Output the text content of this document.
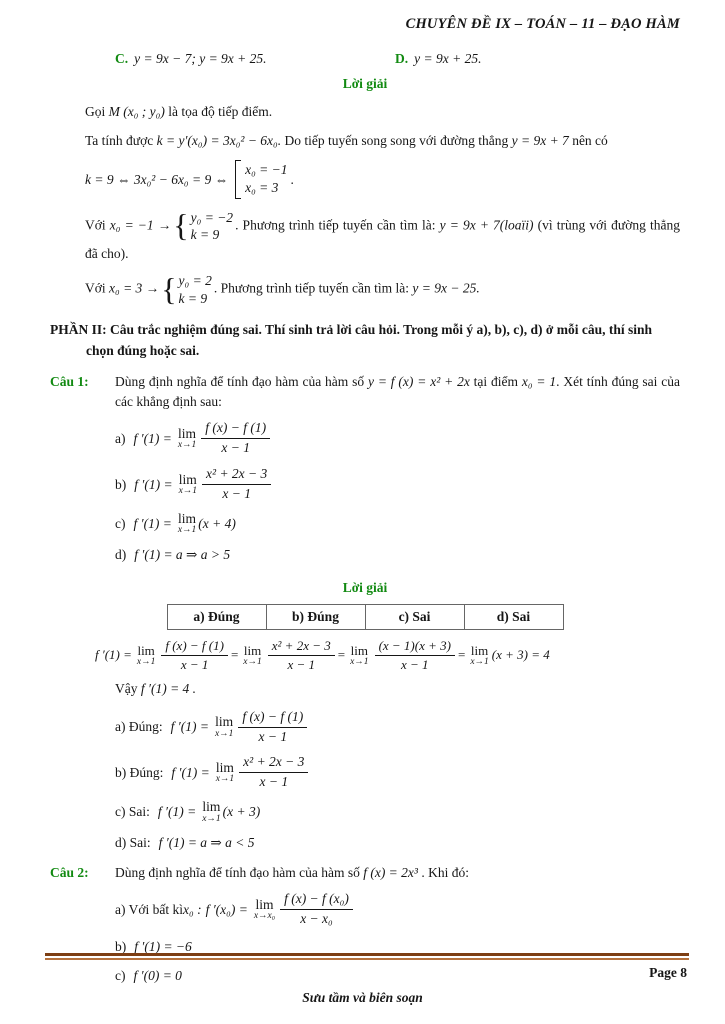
CHUYÊN ĐỀ IX – TOÁN – 11 – ĐẠO HÀM
C. y = 9x − 7; y = 9x + 25.	D. y = 9x + 25.
Lời giải
Gọi M (x₀ ; y₀) là tọa độ tiếp điểm.
Ta tính được k = y′(x₀) = 3x₀² − 6x₀. Do tiếp tuyến song song với đường thẳng y = 9x + 7 nên có
k = 9 ⇔ 3x₀² − 6x₀ = 9 ⇔
x₀ = −1
x₀ = 3
.
Với x₀ = −1 → { y₀ = −2
k = 9
. Phương trình tiếp tuyến cần tìm là: y = 9x + 7(loaïi) (vì trùng với đường thẳng đã cho).
Với x₀ = 3 → { y₀ = 2
k = 9
. Phương trình tiếp tuyến cần tìm là: y = 9x − 25.
PHẦN II: Câu trắc nghiệm đúng sai. Thí sinh trả lời câu hỏi. Trong mỗi ý a), b), c), d) ở mỗi câu, thí sinh chọn đúng hoặc sai.
Câu 1:	Dùng định nghĩa để tính đạo hàm của hàm số y = f (x) = x² + 2x tại điểm x₀ = 1. Xét tính đúng sai của các khẳng định sau:
a) f ′(1) = lim
$x\to 1 \frac{f (x) - f (1)}{x - 1}$
b) f ′(1) = lim
$x\to 1 \frac{\text{x² + 2x − 3}}{x - 1}$
c) f ′(1) = lim
x→1 (x + 4)
d) f ′(1) = a ⇒ a > 5
Lời giải
a) Đúng	b) Đúng	c) Sai	d) Sai
f ′(1) = lim
$x\to 1 \frac{f (x) - f (1)}{x - 1} = \lim$
$x\to 1 \frac{\text{x² + 2x − 3}}{x - 1} = \lim$
$x\to 1 \frac{(x - 1)(x + 3)}{x - 1} = \lim$
x→1 (x + 3) = 4
Vậy f ′(1) = 4 .
a) Đúng: f ′(1) = lim
$x\to 1 \frac{f (x) - f (1)}{x - 1}$
b) Đúng: f ′(1) = lim
$x\to 1 \frac{\text{x² + 2x − 3}}{x - 1}$
c) Sai: f ′(1) = lim
x→1 (x + 3)
d) Sai: f ′(1) = a ⇒ a < 5
Câu 2:	Dùng định nghĩa để tính đạo hàm của hàm số f (x) = 2x³ . Khi đó:
a) Với bất kì x₀ : f ′(x₀) = lim
$x\to x_0 \frac{\text{f (x) − f (x₀)}}{\text{x − x₀}}$
b) f ′(1) = −6
c) f ′(0) = 0	Page 8
Sưu tầm và biên soạn
